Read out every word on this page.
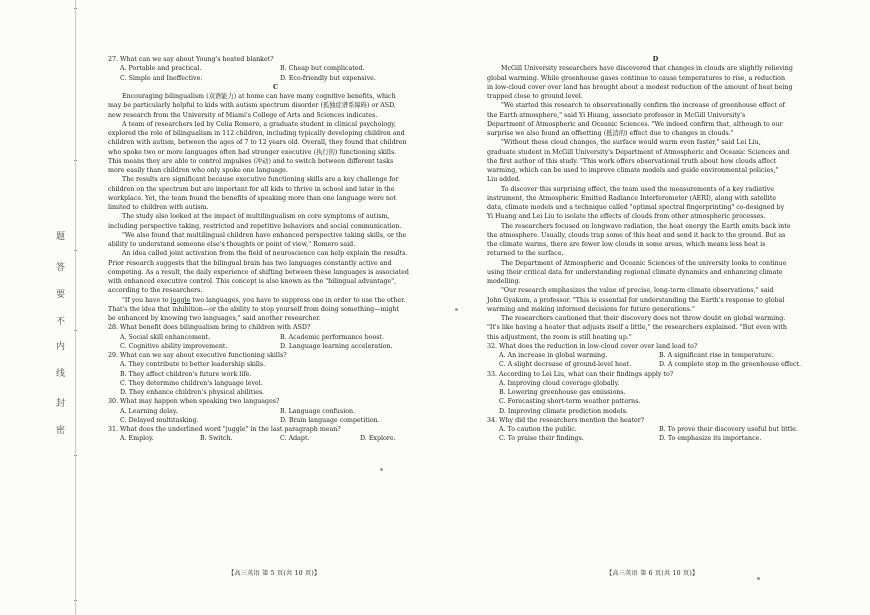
题
答
要
不
内
线
封
密

27. What can we say about Young's heated blanket?

A. Portable and practical.	B. Cheap but complicated.
C. Simple and Ineffective.	D. Eco-friendly but expensive.

C

Encouraging bilingualism (双语能力) at home can have many cognitive benefits, which

may be particularly helpful to kids with autism spectrum disorder (孤独症谱系障碍) or ASD,

new research from the University of Miami's College of Arts and Sciences indicates.

A team of researchers led by Celia Romero, a graduate student in clinical psychology,

explored the role of bilingualism in 112 children, including typically developing children and

children with autism, between the ages of 7 to 12 years old. Overall, they found that children

who spoke two or more languages often had stronger executive (执行的) functioning skills.

This means they are able to control impulses (冲动) and to switch between different tasks

more easily than children who only spoke one language.

The results are significant because executive functioning skills are a key challenge for

children on the spectrum but are important for all kids to thrive in school and later in the

workplace. Yet, the team found the benefits of speaking more than one language were not

limited to children with autism.

The study also looked at the impact of multilingualism on core symptoms of autism,

including perspective taking, restricted and repetitive behaviors and social communication.

"We also found that multilingual children have enhanced perspective taking skills, or the

ability to understand someone else's thoughts or point of view," Romero said.

An idea called joint activation from the field of neuroscience can help explain the results.

Prior research suggests that the bilingual brain has two languages constantly active and

competing. As a result, the daily experience of shifting between these languages is associated

with enhanced executive control. This concept is also known as the "bilingual advantage",

according to the researchers.

"If you have to juggle two languages, you have to suppress one in order to use the other.

That's the idea that inhibition—or the ability to stop yourself from doing something—might

be enhanced by knowing two languages," said another researcher.

28. What benefit does bilingualism bring to children with ASD?

A. Social skill enhancement.	B. Academic performance boost.
C. Cognitive ability improvement.	D. Language learning acceleration.

29. What can we say about executive functioning skills?

A. They contribute to better leadership skills.

B. They affect children's future work life.

C. They determine children's language level.

D. They enhance children's physical abilities.

30. What may happen when speaking two languages?

A. Learning delay.	B. Language confusion.
C. Delayed multitasking.	D. Brain language competition.

31. What does the underlined word "juggle" in the last paragraph mean?

A. Employ.	B. Switch.	C. Adapt.	D. Explore.

D

McGill University researchers have discovered that changes in clouds are slightly relieving

global warming. While greenhouse gases continue to cause temperatures to rise, a reduction

in low-cloud cover over land has brought about a modest reduction of the amount of heat being

trapped close to ground level.

"We started this research to observationally confirm the increase of greenhouse effect of

the Earth atmosphere," said Yi Huang, associate professor in McGill University's

Department of Atmospheric and Oceanic Sciences. "We indeed confirm that, although to our

surprise we also found an offsetting (抵消的) effect due to changes in clouds."

"Without these cloud changes, the surface would warm even faster," said Lei Liu,

graduate student in McGill University's Department of Atmospheric and Oceanic Sciences and

the first author of this study. "This work offers observational truth about how clouds affect

warming, which can be used to improve climate models and guide environmental policies,"

Liu added.

To discover this surprising effect, the team used the measurements of a key radiative

instrument, the Atmospheric Emitted Radiance Interferometer (AERI), along with satellite

data, climate models and a technique called "optimal spectral fingerprinting" co-designed by

Yi Huang and Lei Liu to isolate the effects of clouds from other atmospheric processes.

The researchers focused on longwave radiation, the heat energy the Earth emits back into

the atmosphere. Usually, clouds trap some of this heat and send it back to the ground. But as

the climate warms, there are fewer low clouds in some areas, which means less heat is

returned to the surface.

The Department of Atmospheric and Oceanic Sciences of the university looks to continue

using their critical data for understanding regional climate dynamics and enhancing climate

modelling.

"Our research emphasizes the value of precise, long-term climate observations," said

John Gyakum, a professor. "This is essential for understanding the Earth's response to global

warming and making informed decisions for future generations."

The researchers cautioned that their discovery does not throw doubt on global warming.

"It's like having a heater that adjusts itself a little," the researchers explained. "But even with

this adjustment, the room is still heating up."

32. What does the reduction in low-cloud cover over land lead to?

A. An increase in global warming.	B. A significant rise in temperature.
C. A slight decrease of ground-level heat.	D. A complete stop in the greenhouse effect.

33. According to Lei Liu, what can their findings apply to?

A. Improving cloud coverage globally.

B. Lowering greenhouse gas emissions.

C. Forecasting short-term weather patterns.

D. Improving climate prediction models.

34. Why did the researchers mention the heater?

A. To caution the public.	B. To prove their discovery useful but little.
C. To praise their findings.	D. To emphasize its importance.
【高三英语 第 5 页(共 10 页)】	【高三英语 第 6 页(共 10 页)】
